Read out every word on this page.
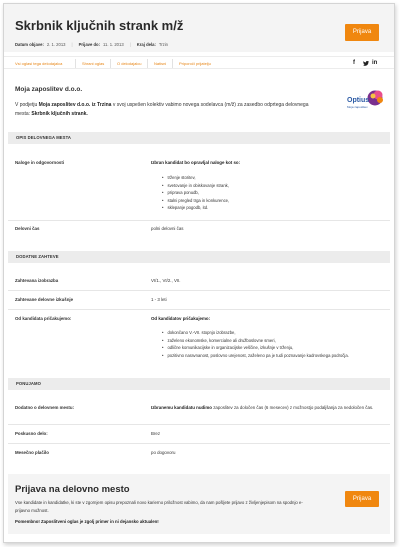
Skrbnik ključnih strank m/ž
Datum objave: 2. 1. 2013 | Prijave do: 11. 1. 2013 | Kraj dela: Trzin
Prijava
Vsi oglasi tega delodajalca	Shrani oglas	O delodajalcu	Natisni	Priporoči prijatelju	f	in
Moja zaposlitev d.o.o.
V podjetju Moja zaposlitev d.o.o. iz Trzina v svoj uspešen kolektiv vabimo novega sodelavca (m/ž) za zasedbo odprtega delovnega mesta: Skrbnik ključnih strank.
Optius
Moja zaposlitev
OPIS DELOVNEGA MESTA
Naloge in odgovornosti	Izbran kandidat bo opravljal naloge kot so:
• trženje storitev,
• svetovanje in obiskovanje strank,
• priprava ponudb,
• stalni pregled trga in konkurence,
• sklepanje pogodb, itd.
Delovni čas	polni delovni čas
DODATNE ZAHTEVE
Zahtevana izobrazba	VI/1., VI/2., VII.
Zahtevane delovne izkušnje	1 - 3 leti
Od kandidata pričakujemo:	Od kandidatov pričakujemo:
• dokončano V.-VII. stopnjo izobrazbe,
• zaželeno ekonomske, komercialne ali družboslovne smeri,
• odlične komunikacijske in organizacijske veščine, izkušnje v trženju,
• pozitivno naravnanost, poslovno urejenost, zaželeno pa je tudi poznavanje kadrovskega področja.
PONUJAMO
Dodatno o delovnem mestu:	Izbranemu kandidatu nudimo zaposlitev za določen čas (6 mesecev) z možnostjo podaljšanja za nedoločen čas.
Poskusno delo:	Brez
Mesečno plačilo	po dogovoru
Prijava na delovno mesto
Vse kandidate in kandidatke, ki ste v zgornjem opisu prepoznali novo karierno priložnost vabimo, da nam pošljete prijavo z življenjepisom na spodnjo e-prijavno možnost.
Pomembno! Zaposlitveni oglas je zgolj primer in ni dejansko aktualen!
Prijava
